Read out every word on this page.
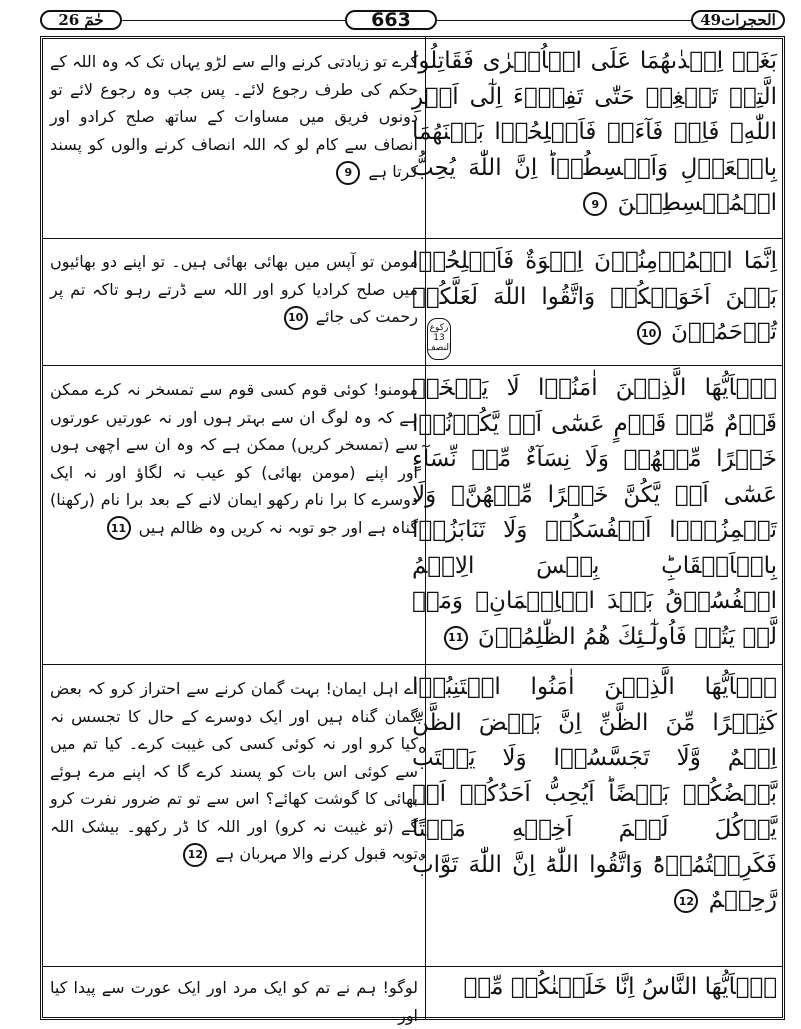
حٰمٓ 26	663	الحجرات49
رکوع
13
النصف
بَغَتۡ اِحۡدٰىهُمَا عَلَى الۡاُخۡرٰى فَقَاتِلُوا الَّتِىۡ تَبۡغِىۡ حَتّٰى تَفِىۡٓءَ اِلٰٓى اَمۡرِ اللّٰهِ‌ۚ فَاِنۡ فَآءَتۡ فَاَصۡلِحُوۡا بَيۡنَهُمَا بِالۡعَدۡلِ وَاَقۡسِطُوۡا‌ؕ اِنَّ اللّٰهَ يُحِبُّ الۡمُقۡسِطِيۡنَ 9
کرے تو زیادتی کرنے والے سے لڑو یہاں تک کہ وہ اللہ کے حکم کی طرف رجوع لائے۔ پس جب وہ رجوع لائے تو دونوں فریق میں مساوات کے ساتھ صلح کرادو اور انصاف سے کام لو کہ اللہ انصاف کرنے والوں کو پسند کرتا ہے 9
اِنَّمَا الۡمُؤۡمِنُوۡنَ اِخۡوَةٌ فَاَصۡلِحُوۡا بَيۡنَ اَخَوَيۡكُمۡ‌ وَاتَّقُوا اللّٰهَ لَعَلَّكُمۡ تُرۡحَمُوۡنَ 10
مومن تو آپس میں بھائی بھائی ہیں۔ تو اپنے دو بھائیوں میں صلح کرادیا کرو اور اللہ سے ڈرتے رہو تاکہ تم پر رحمت کی جائے 10
يٰۤاَيُّهَا الَّذِيۡنَ اٰمَنُوۡا لَا يَسۡخَرۡ قَوۡمٌ مِّنۡ قَوۡمٍ عَسٰٓى اَنۡ يَّكُوۡنُوۡا خَيۡرًا مِّنۡهُمۡ وَلَا نِسَآءٌ مِّنۡ نِّسَآءٍ عَسٰٓى اَنۡ يَّكُنَّ خَيۡرًا مِّنۡهُنَّ‌ۚ وَلَا تَلۡمِزُوۡۤا اَنۡفُسَكُمۡ وَلَا تَنَابَزُوۡا بِالۡاَلۡقَابِ‌ؕ بِئۡسَ الِاسۡمُ الۡفُسُوۡقُ بَعۡدَ الۡاِيۡمَانِ‌ۚ وَمَنۡ لَّمۡ يَتُبۡ فَاُولٰٓـئِكَ هُمُ الظّٰلِمُوۡنَ 11
مومنو! کوئی قوم کسی قوم سے تمسخر نہ کرے ممکن ہے کہ وہ لوگ ان سے بہتر ہوں اور نہ عورتیں عورتوں سے (تمسخر کریں) ممکن ہے کہ وہ ان سے اچھی ہوں اور اپنے (مومن بھائی) کو عیب نہ لگاؤ اور نہ ایک دوسرے کا برا نام رکھو ایمان لانے کے بعد برا نام (رکھنا) گناہ ہے اور جو توبہ نہ کریں وہ ظالم ہیں 11
يٰۤاَيُّهَا الَّذِيۡنَ اٰمَنُوا اجۡتَنِبُوۡا كَثِيۡرًا مِّنَ الظَّنِّ اِنَّ بَعۡضَ الظَّنِّ اِثۡمٌ وَّلَا تَجَسَّسُوۡا وَلَا يَغۡتَبْ بَّعۡضُكُمۡ بَعۡضًا‌ؕ اَيُحِبُّ اَحَدُكُمۡ اَنۡ يَّاۡكُلَ لَحۡمَ اَخِيۡهِ مَيۡتًا فَكَرِهۡتُمُوۡهُ‌ؕ وَاتَّقُوا اللّٰهَ‌ؕ اِنَّ اللّٰهَ تَوَّابٌ رَّحِيۡمٌ 12
اے اہل ایمان! بہت گمان کرنے سے احتراز کرو کہ بعض گمان گناہ ہیں اور ایک دوسرے کے حال کا تجسس نہ کیا کرو اور نہ کوئی کسی کی غیبت کرے۔ کیا تم میں سے کوئی اس بات کو پسند کرے گا کہ اپنے مرے ہوئے بھائی کا گوشت کھائے؟ اس سے تو تم ضرور نفرت کرو گے (تو غیبت نہ کرو) اور اللہ کا ڈر رکھو۔ بیشک اللہ توبہ قبول کرنے والا مہربان ہے 12
يٰۤاَيُّهَا النَّاسُ اِنَّا خَلَقۡنٰكُمۡ مِّنۡ
لوگو! ہم نے تم کو ایک مرد اور ایک عورت سے پیدا کیا اور
